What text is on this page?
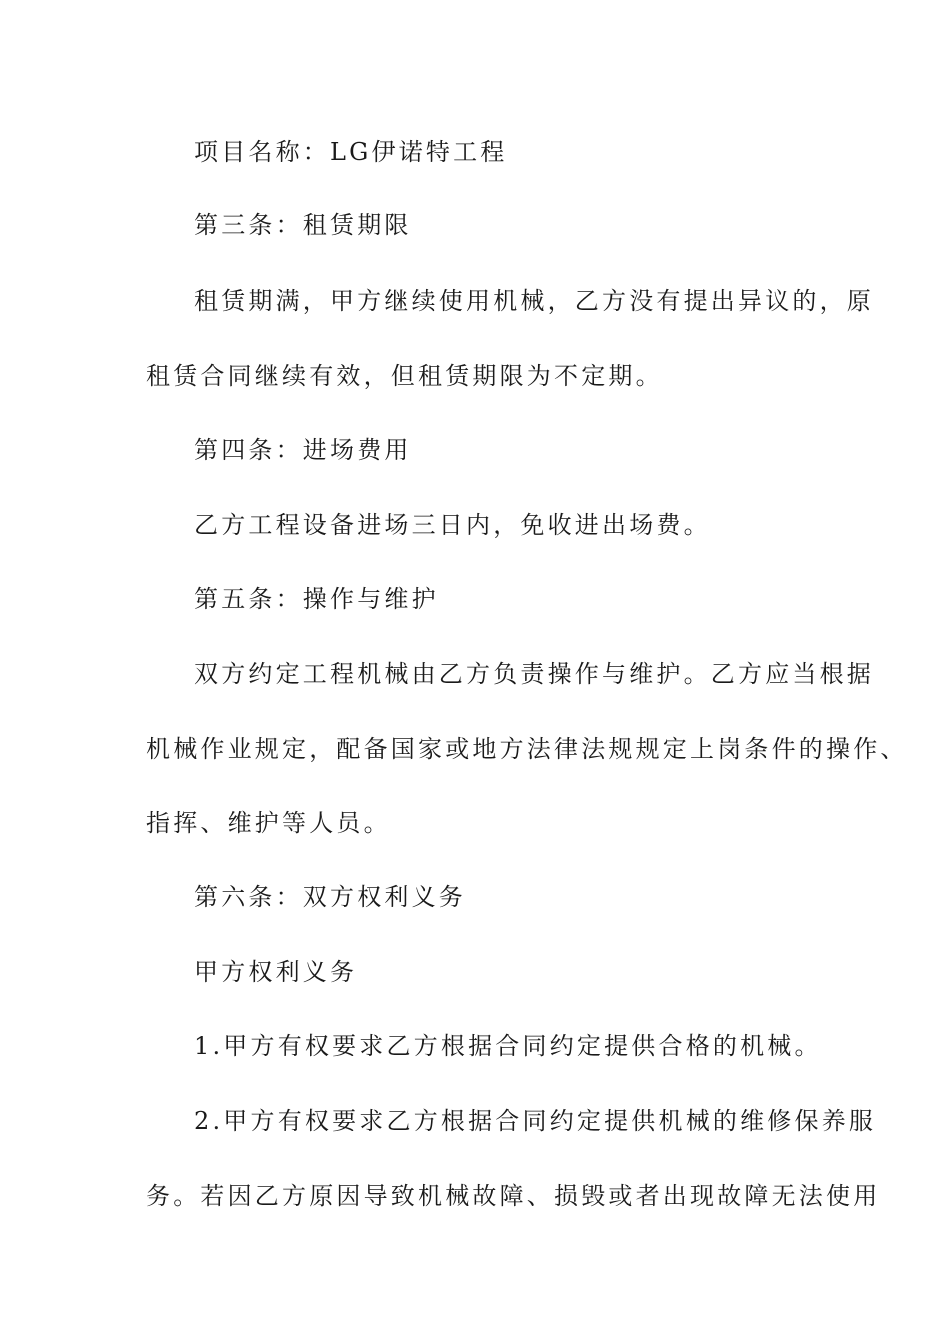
项目名称：LG伊诺特工程
第三条：租赁期限
租赁期满，甲方继续使用机械，乙方没有提出异议的，原
租赁合同继续有效，但租赁期限为不定期。
第四条：进场费用
乙方工程设备进场三日内，免收进出场费。
第五条：操作与维护
双方约定工程机械由乙方负责操作与维护。乙方应当根据
机械作业规定，配备国家或地方法律法规规定上岗条件的操作、
指挥、维护等人员。
第六条：双方权利义务
甲方权利义务
1.甲方有权要求乙方根据合同约定提供合格的机械。
2.甲方有权要求乙方根据合同约定提供机械的维修保养服
务。若因乙方原因导致机械故障、损毁或者出现故障无法使用
